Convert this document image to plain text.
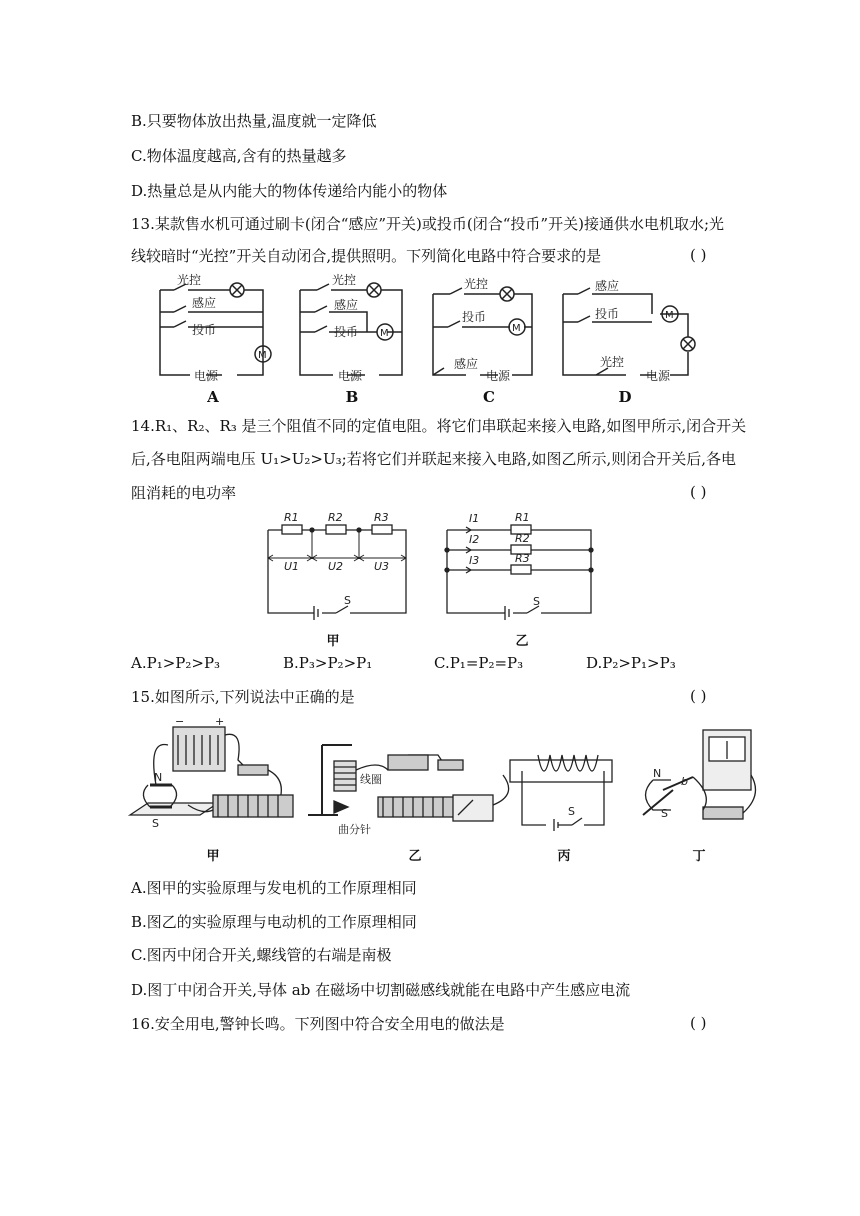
B.只要物体放出热量,温度就一定降低
C.物体温度越高,含有的热量越多
D.热量总是从内能大的物体传递给内能小的物体
13.某款售水机可通过刷卡(闭合“感应”开关)或投币(闭合“投币”开关)接通供水电机取水;光
线较暗时“光控”开关自动闭合,提供照明。下列简化电路中符合要求的是	( )
光控
感应
投币
M
电源
光控
感应
投币 M
电源
光控
投币
M
感应
电源
感应
投币	M
光控
电源
A	B	C	D
14.R₁、R₂、R₃ 是三个阻值不同的定值电阻。将它们串联起来接入电路,如图甲所示,闭合开关
后,各电阻两端电压 U₁>U₂>U₃;若将它们并联起来接入电路,如图乙所示,则闭合开关后,各电
阻消耗的电功率	( )
R1	R2	R3
U1	U2	U3
S
I1
I2
I3
R1
R2
R3
S
甲	乙
A.P₁>P₂>P₃	B.P₃>P₂>P₁	C.P₁=P₂=P₃	D.P₂>P₁>P₃
15.如图所示,下列说法中正确的是	( )
−	+
N
S
线圈
曲分针
S
N
S
b
甲	乙	丙	丁
A.图甲的实验原理与发电机的工作原理相同
B.图乙的实验原理与电动机的工作原理相同
C.图丙中闭合开关,螺线管的右端是南极
D.图丁中闭合开关,导体 ab 在磁场中切割磁感线就能在电路中产生感应电流
16.安全用电,警钟长鸣。下列图中符合安全用电的做法是	( )
